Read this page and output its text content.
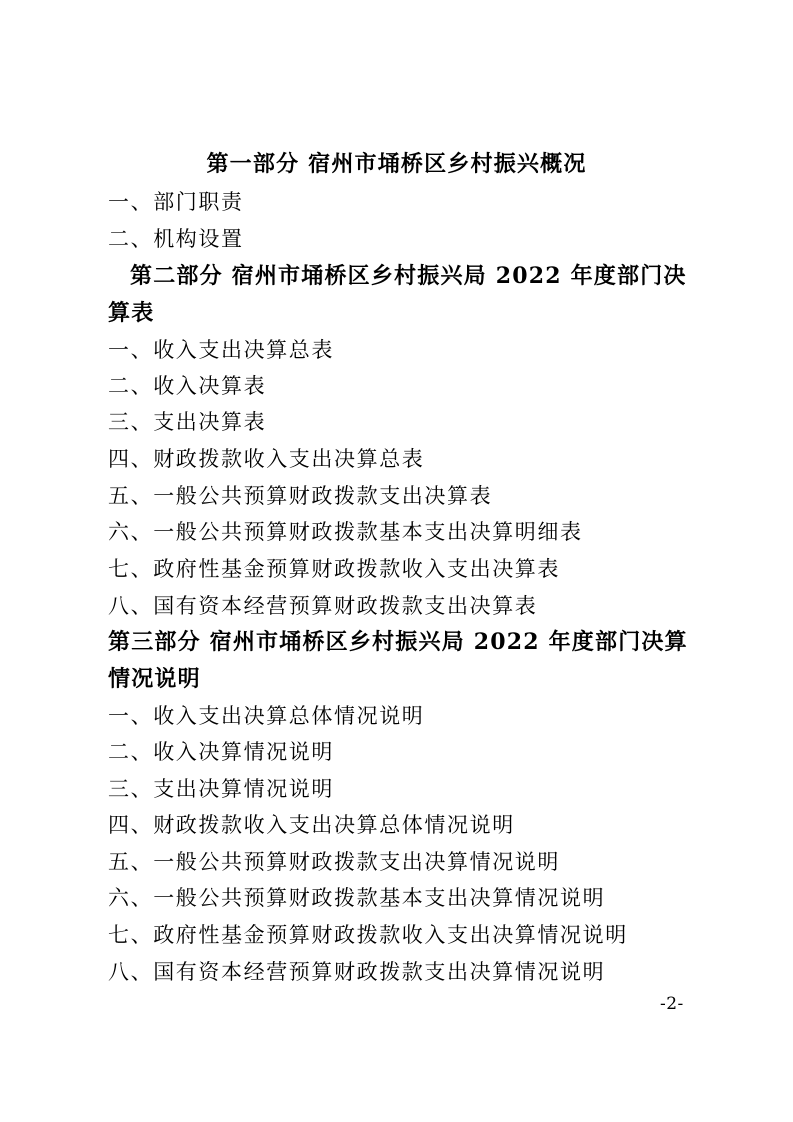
第一部分 宿州市埇桥区乡村振兴概况
一、部门职责
二、机构设置
第二部分 宿州市埇桥区乡村振兴局 2022 年度部门决
算表
一、收入支出决算总表
二、收入决算表
三、支出决算表
四、财政拨款收入支出决算总表
五、一般公共预算财政拨款支出决算表
六、一般公共预算财政拨款基本支出决算明细表
七、政府性基金预算财政拨款收入支出决算表
八、国有资本经营预算财政拨款支出决算表
第三部分 宿州市埇桥区乡村振兴局 2022 年度部门决算
情况说明
一、收入支出决算总体情况说明
二、收入决算情况说明
三、支出决算情况说明
四、财政拨款收入支出决算总体情况说明
五、一般公共预算财政拨款支出决算情况说明
六、一般公共预算财政拨款基本支出决算情况说明
七、政府性基金预算财政拨款收入支出决算情况说明
八、国有资本经营预算财政拨款支出决算情况说明
-2-
